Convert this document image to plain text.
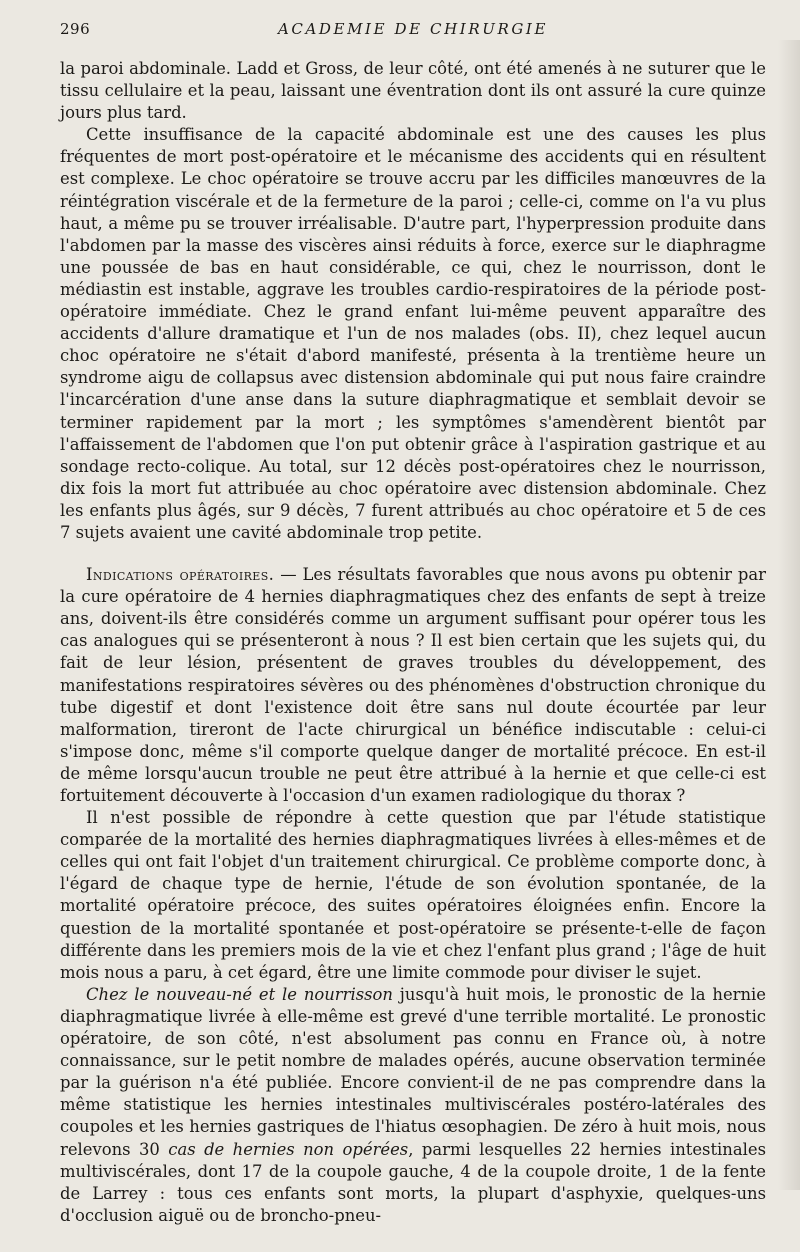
296	ACADEMIE DE CHIRURGIE

la paroi abdominale. Ladd et Gross, de leur côté, ont été amenés à ne suturer que le tissu cellulaire et la peau, laissant une éventration dont ils ont assuré la cure quinze jours plus tard.

Cette insuffisance de la capacité abdominale est une des causes les plus fréquentes de mort post-opératoire et le mécanisme des accidents qui en résultent est complexe. Le choc opératoire se trouve accru par les difficiles manœuvres de la réintégration viscérale et de la fermeture de la paroi ; celle-ci, comme on l'a vu plus haut, a même pu se trouver irréalisable. D'autre part, l'hyperpression produite dans l'abdomen par la masse des viscères ainsi réduits à force, exerce sur le diaphragme une poussée de bas en haut considérable, ce qui, chez le nourrisson, dont le médiastin est instable, aggrave les troubles cardio-respiratoires de la période post-opératoire immédiate. Chez le grand enfant lui-même peuvent apparaître des accidents d'allure dramatique et l'un de nos malades (obs. II), chez lequel aucun choc opératoire ne s'était d'abord manifesté, présenta à la trentième heure un syndrome aigu de collapsus avec distension abdominale qui put nous faire craindre l'incarcération d'une anse dans la suture diaphragmatique et semblait devoir se terminer rapidement par la mort ; les symptômes s'amendèrent bientôt par l'affaissement de l'abdomen que l'on put obtenir grâce à l'aspiration gastrique et au sondage recto-colique. Au total, sur 12 décès post-opératoires chez le nourrisson, dix fois la mort fut attribuée au choc opératoire avec distension abdominale. Chez les enfants plus âgés, sur 9 décès, 7 furent attribués au choc opératoire et 5 de ces 7 sujets avaient une cavité abdominale trop petite.

Indications opératoires. — Les résultats favorables que nous avons pu obtenir par la cure opératoire de 4 hernies diaphragmatiques chez des enfants de sept à treize ans, doivent-ils être considérés comme un argument suffisant pour opérer tous les cas analogues qui se présenteront à nous ? Il est bien certain que les sujets qui, du fait de leur lésion, présentent de graves troubles du développement, des manifestations respiratoires sévères ou des phénomènes d'obstruction chronique du tube digestif et dont l'existence doit être sans nul doute écourtée par leur malformation, tireront de l'acte chirurgical un bénéfice indiscutable : celui-ci s'impose donc, même s'il comporte quelque danger de mortalité précoce. En est-il de même lorsqu'aucun trouble ne peut être attribué à la hernie et que celle-ci est fortuitement découverte à l'occasion d'un examen radiologique du thorax ?

Il n'est possible de répondre à cette question que par l'étude statistique comparée de la mortalité des hernies diaphragmatiques livrées à elles-mêmes et de celles qui ont fait l'objet d'un traitement chirurgical. Ce problème comporte donc, à l'égard de chaque type de hernie, l'étude de son évolution spontanée, de la mortalité opératoire précoce, des suites opératoires éloignées enfin. Encore la question de la mortalité spontanée et post-opératoire se présente-t-elle de façon différente dans les premiers mois de la vie et chez l'enfant plus grand ; l'âge de huit mois nous a paru, à cet égard, être une limite commode pour diviser le sujet.

Chez le nouveau-né et le nourrisson jusqu'à huit mois, le pronostic de la hernie diaphragmatique livrée à elle-même est grevé d'une terrible mortalité. Le pronostic opératoire, de son côté, n'est absolument pas connu en France où, à notre connaissance, sur le petit nombre de malades opérés, aucune observation terminée par la guérison n'a été publiée. Encore convient-il de ne pas comprendre dans la même statistique les hernies intestinales multiviscérales postéro-latérales des coupoles et les hernies gastriques de l'hiatus œsophagien. De zéro à huit mois, nous relevons 30 cas de hernies non opérées, parmi lesquelles 22 hernies intestinales multiviscérales, dont 17 de la coupole gauche, 4 de la coupole droite, 1 de la fente de Larrey : tous ces enfants sont morts, la plupart d'asphyxie, quelques-uns d'occlusion aiguë ou de broncho-pneu-
